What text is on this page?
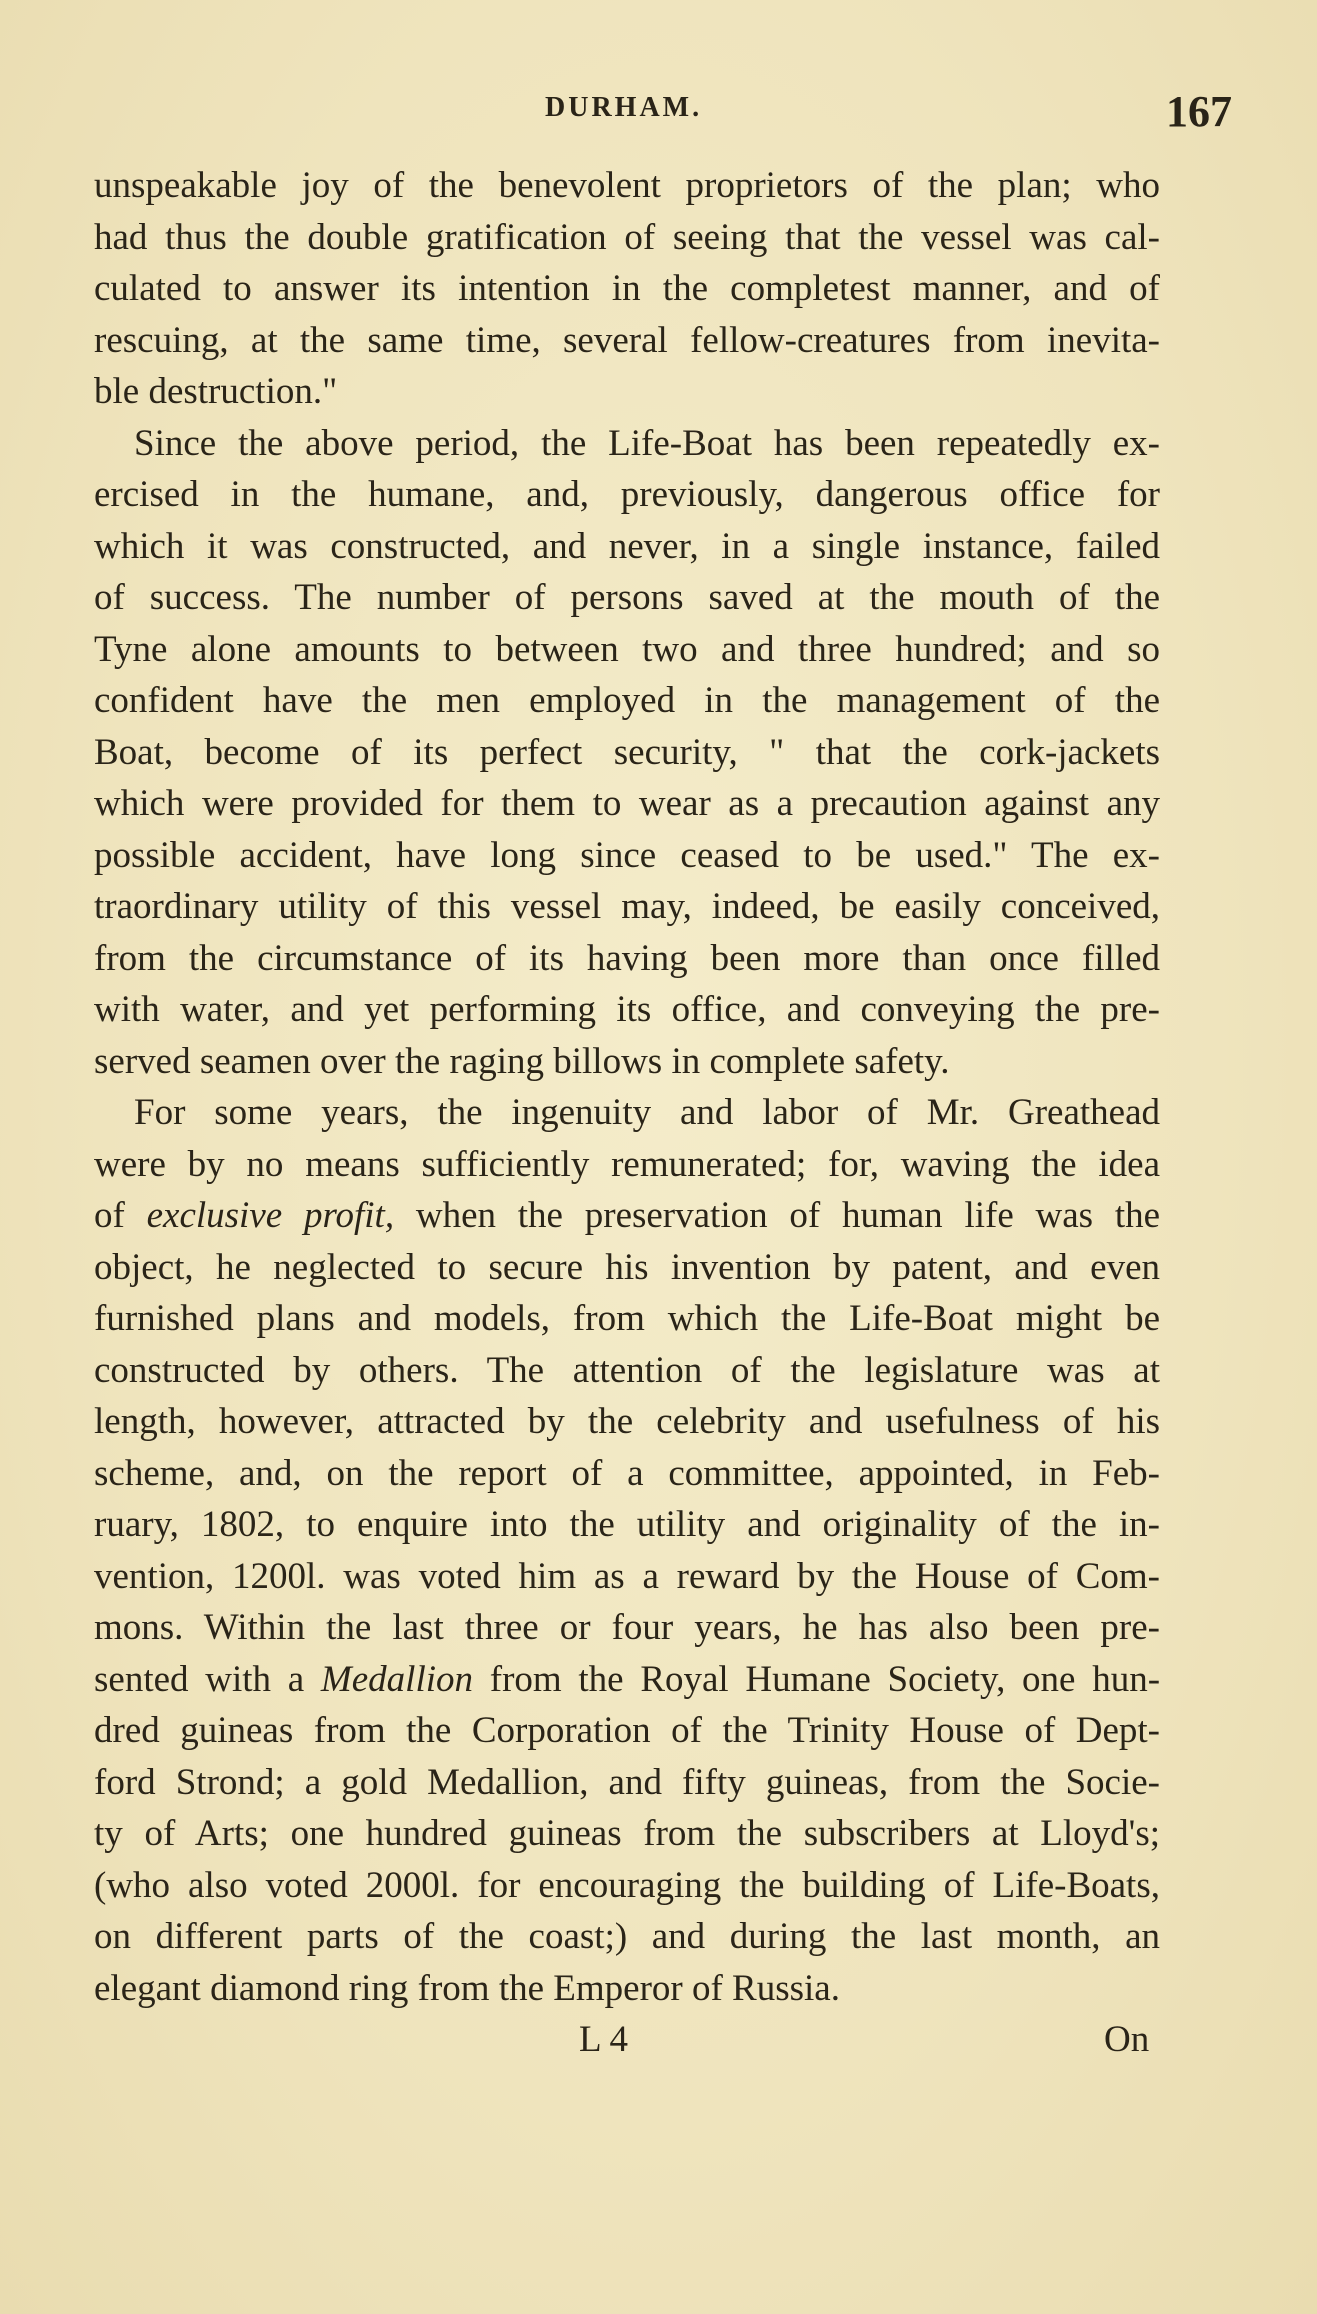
DURHAM.	167
unspeakable joy of the benevolent proprietors of the plan; who
had thus the double gratification of seeing that the vessel was cal-
culated to answer its intention in the completest manner, and of
rescuing, at the same time, several fellow-creatures from inevita-
ble destruction."
Since the above period, the Life-Boat has been repeatedly ex-
ercised in the humane, and, previously, dangerous office for
which it was constructed, and never, in a single instance, failed
of success. The number of persons saved at the mouth of the
Tyne alone amounts to between two and three hundred; and so
confident have the men employed in the management of the
Boat, become of its perfect security, " that the cork-jackets
which were provided for them to wear as a precaution against any
possible accident, have long since ceased to be used." The ex-
traordinary utility of this vessel may, indeed, be easily conceived,
from the circumstance of its having been more than once filled
with water, and yet performing its office, and conveying the pre-
served seamen over the raging billows in complete safety.
For some years, the ingenuity and labor of Mr. Greathead
were by no means sufficiently remunerated; for, waving the idea
of exclusive profit, when the preservation of human life was the
object, he neglected to secure his invention by patent, and even
furnished plans and models, from which the Life-Boat might be
constructed by others. The attention of the legislature was at
length, however, attracted by the celebrity and usefulness of his
scheme, and, on the report of a committee, appointed, in Feb-
ruary, 1802, to enquire into the utility and originality of the in-
vention, 1200l. was voted him as a reward by the House of Com-
mons. Within the last three or four years, he has also been pre-
sented with a Medallion from the Royal Humane Society, one hun-
dred guineas from the Corporation of the Trinity House of Dept-
ford Strond; a gold Medallion, and fifty guineas, from the Socie-
ty of Arts; one hundred guineas from the subscribers at Lloyd's;
(who also voted 2000l. for encouraging the building of Life-Boats,
on different parts of the coast;) and during the last month, an
elegant diamond ring from the Emperor of Russia.
L 4	On
